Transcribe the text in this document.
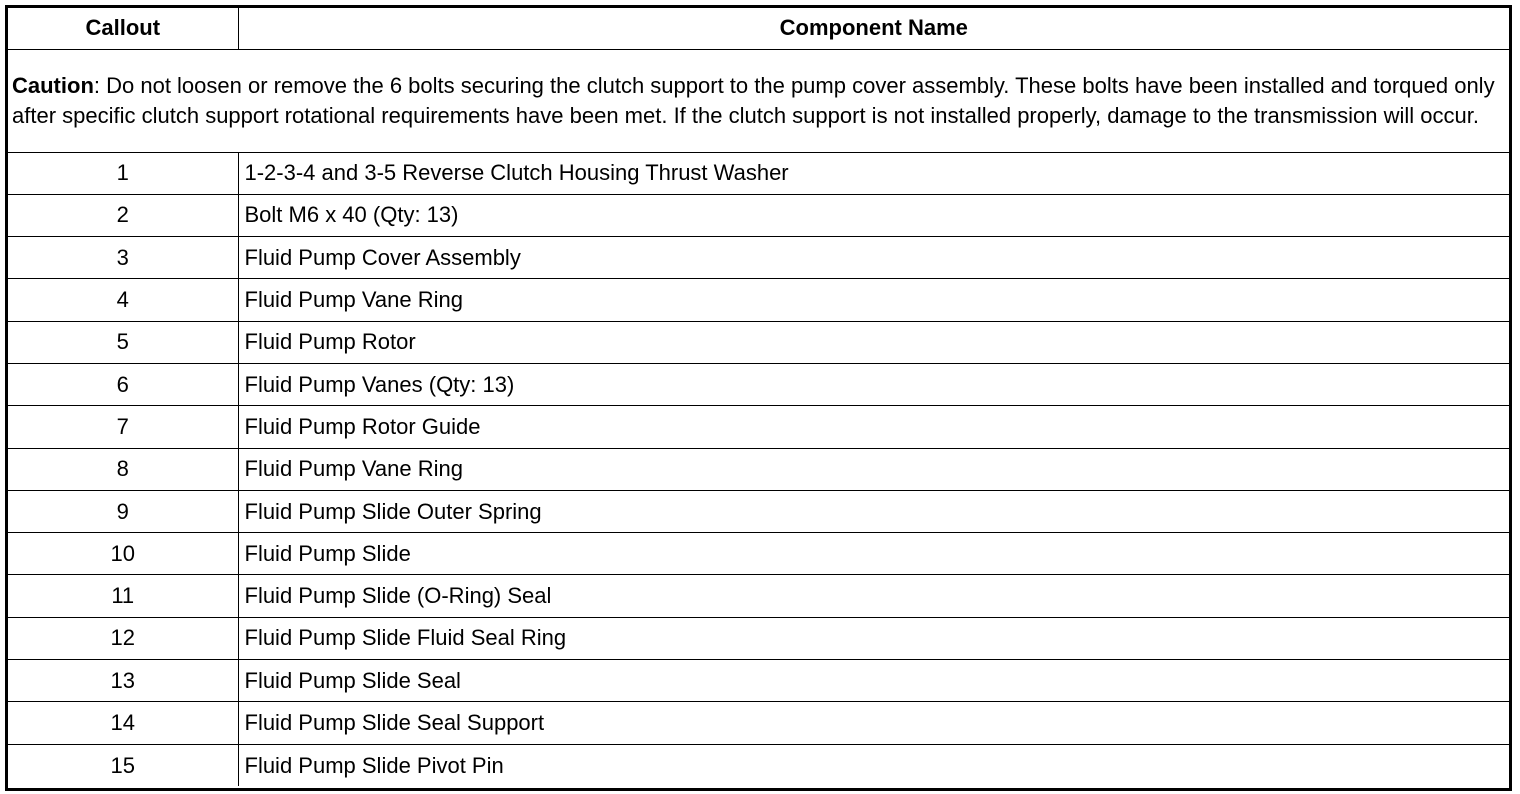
Callout	Component Name
Caution: Do not loosen or remove the 6 bolts securing the clutch support to the pump cover assembly. These bolts have been installed and torqued only after specific clutch support rotational requirements have been met. If the clutch support is not installed properly, damage to the transmission will occur.	
1	1-2-3-4 and 3-5 Reverse Clutch Housing Thrust Washer
2	Bolt M6 x 40 (Qty: 13)
3	Fluid Pump Cover Assembly
4	Fluid Pump Vane Ring
5	Fluid Pump Rotor
6	Fluid Pump Vanes (Qty: 13)
7	Fluid Pump Rotor Guide
8	Fluid Pump Vane Ring
9	Fluid Pump Slide Outer Spring
10	Fluid Pump Slide
11	Fluid Pump Slide (O-Ring) Seal
12	Fluid Pump Slide Fluid Seal Ring
13	Fluid Pump Slide Seal
14	Fluid Pump Slide Seal Support
15	Fluid Pump Slide Pivot Pin
